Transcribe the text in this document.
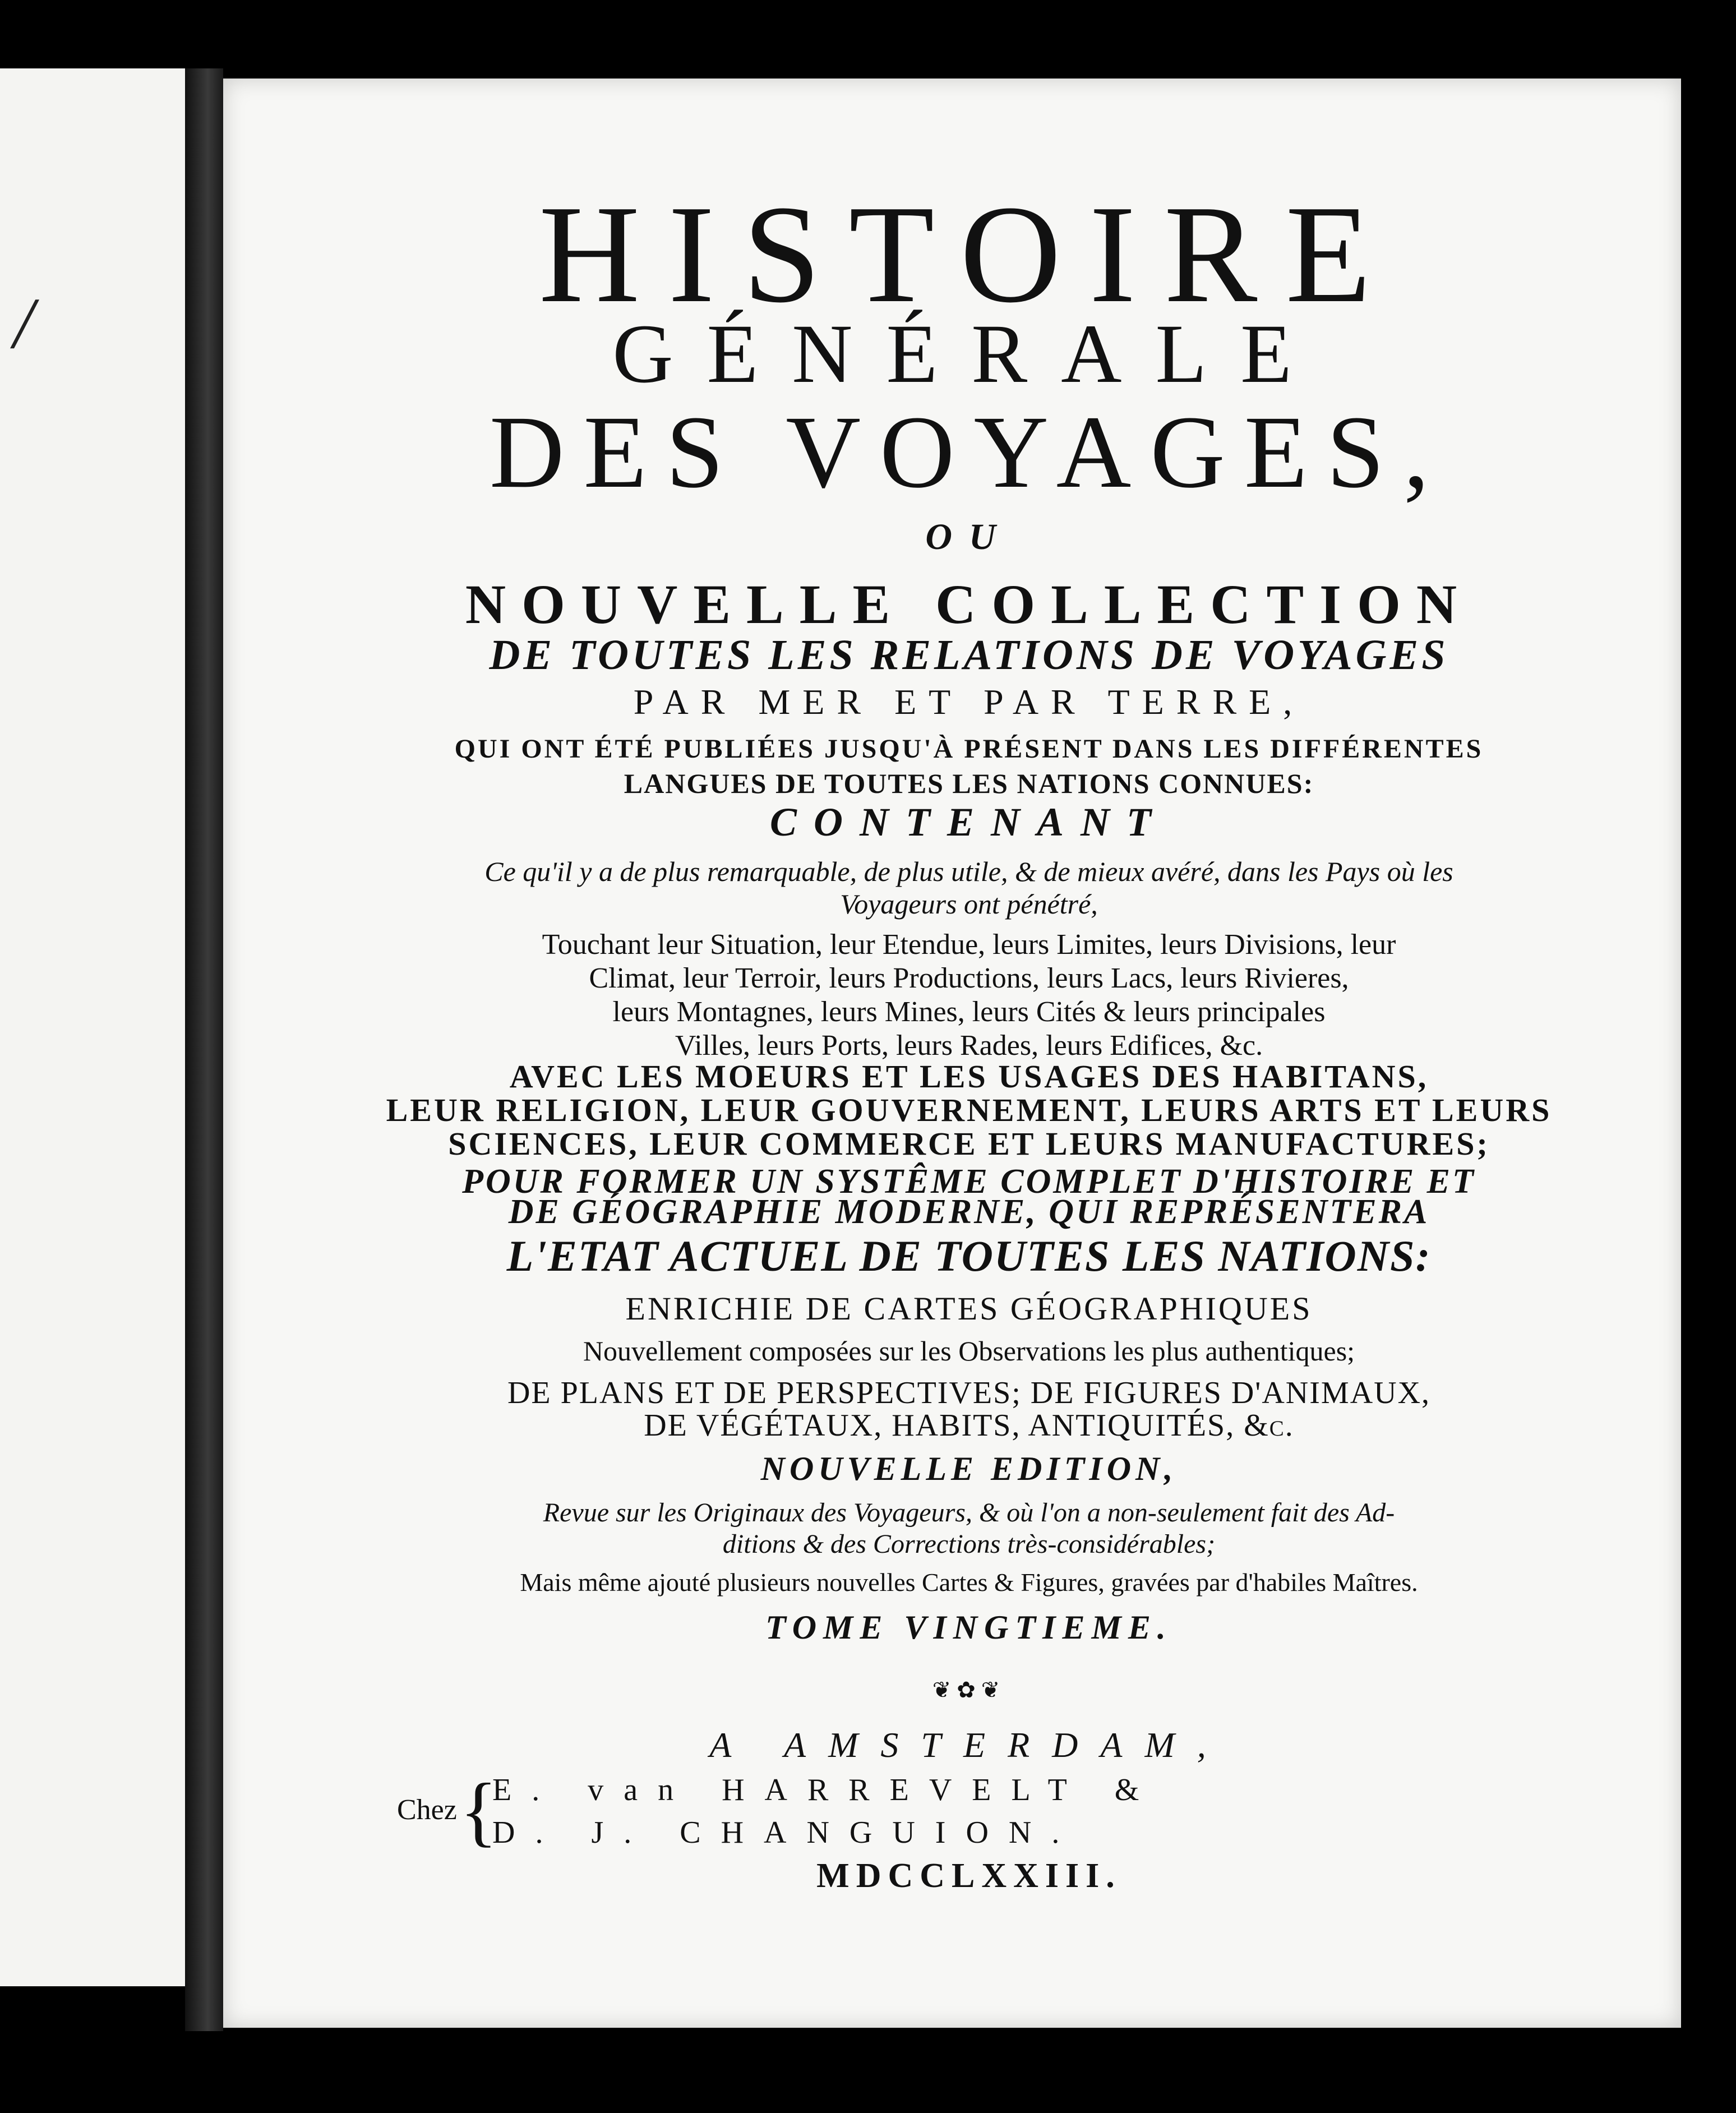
/	HISTOIRE
GÉNÉRALE
DES VOYAGES,
OU
NOUVELLE COLLECTION
DE TOUTES LES RELATIONS DE VOYAGES
PAR MER ET PAR TERRE,
QUI ONT ÉTÉ PUBLIÉES JUSQU'À PRÉSENT DANS LES DIFFÉRENTES
LANGUES DE TOUTES LES NATIONS CONNUES:
CONTENANT
Ce qu'il y a de plus remarquable, de plus utile, & de mieux avéré, dans les Pays où les
Voyageurs ont pénétré,
Touchant leur Situation, leur Etendue, leurs Limites, leurs Divisions, leur
Climat, leur Terroir, leurs Productions, leurs Lacs, leurs Rivieres,
leurs Montagnes, leurs Mines, leurs Cités & leurs principales
Villes, leurs Ports, leurs Rades, leurs Edifices, &c.
AVEC LES MOEURS ET LES USAGES DES HABITANS,
LEUR RELIGION, LEUR GOUVERNEMENT, LEURS ARTS ET LEURS
SCIENCES, LEUR COMMERCE ET LEURS MANUFACTURES;
POUR FORMER UN SYSTÊME COMPLET D'HISTOIRE ET
DE GÉOGRAPHIE MODERNE, QUI REPRÉSENTERA
L'ETAT ACTUEL DE TOUTES LES NATIONS:
ENRICHIE DE CARTES GÉOGRAPHIQUES
Nouvellement composées sur les Observations les plus authentiques;
DE PLANS ET DE PERSPECTIVES; DE FIGURES D'ANIMAUX,
DE VÉGÉTAUX, HABITS, ANTIQUITÉS, &c.
NOUVELLE EDITION,
Revue sur les Originaux des Voyageurs, & où l'on a non-seulement fait des Ad-
ditions & des Corrections très-considérables;
Mais même ajouté plusieurs nouvelles Cartes & Figures, gravées par d'habiles Maîtres.
TOME VINGTIEME.
❦✿❦
A AMSTERDAM,
Chez {
E. van HARREVELT &
D. J. CHANGUION.
MDCCLXXIII.
